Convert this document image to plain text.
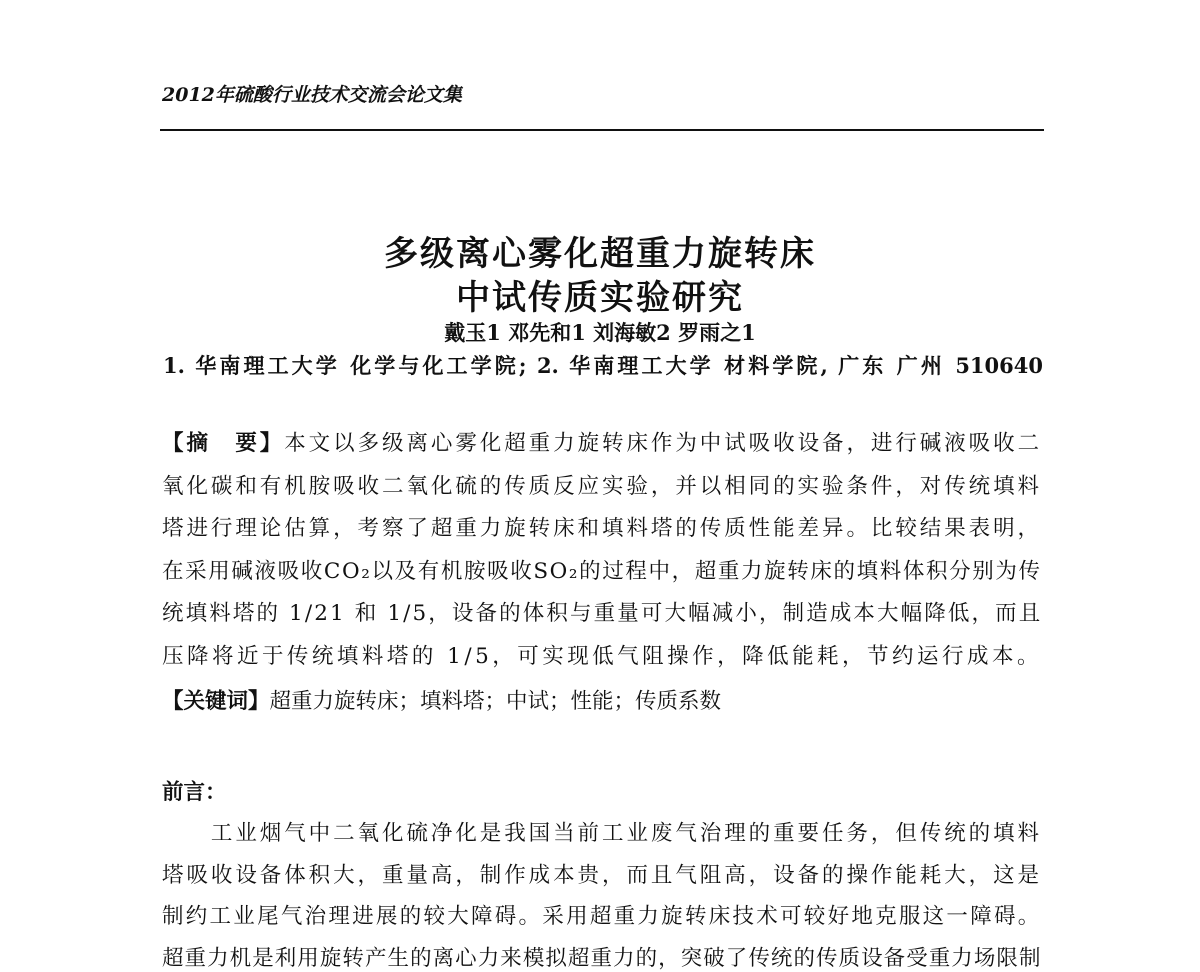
2012年硫酸行业技术交流会论文集
多级离心雾化超重力旋转床
中试传质实验研究
戴玉1 邓先和1 刘海敏2 罗雨之1
1. 华南理工大学 化学与化工学院; 2. 华南理工大学 材料学院, 广东 广州 510640
【摘　要】本文以多级离心雾化超重力旋转床作为中试吸收设备，进行碱液吸收二
氧化碳和有机胺吸收二氧化硫的传质反应实验，并以相同的实验条件，对传统填料
塔进行理论估算，考察了超重力旋转床和填料塔的传质性能差异。比较结果表明，
在采用碱液吸收CO₂以及有机胺吸收SO₂的过程中，超重力旋转床的填料体积分别为传
统填料塔的 1/21 和 1/5，设备的体积与重量可大幅减小，制造成本大幅降低，而且
压降将近于传统填料塔的 1/5，可实现低气阻操作，降低能耗，节约运行成本。
【关键词】超重力旋转床；填料塔；中试；性能；传质系数
前言：
　　工业烟气中二氧化硫净化是我国当前工业废气治理的重要任务，但传统的填料
塔吸收设备体积大，重量高，制作成本贵，而且气阻高，设备的操作能耗大，这是
制约工业尾气治理进展的较大障碍。采用超重力旋转床技术可较好地克服这一障碍。
超重力机是利用旋转产生的离心力来模拟超重力的，突破了传统的传质设备受重力场限制
